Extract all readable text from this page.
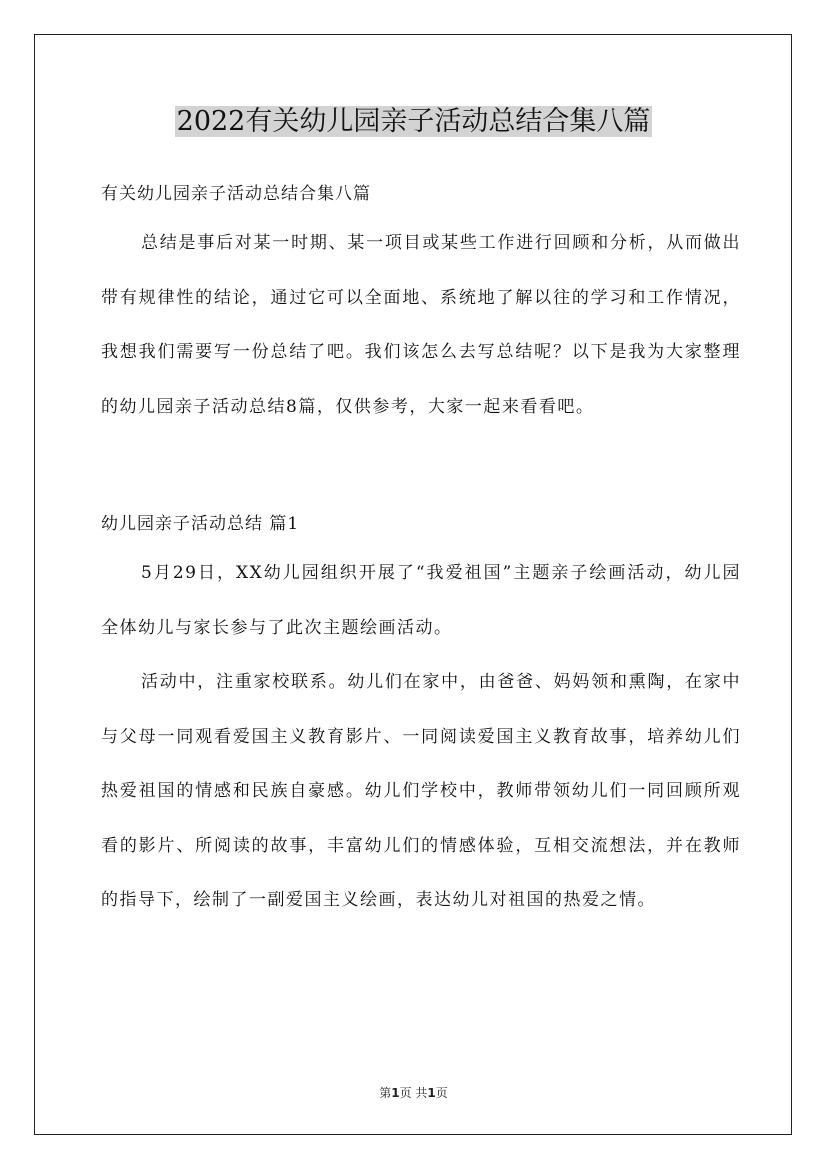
2022有关幼儿园亲子活动总结合集八篇

有关幼儿园亲子活动总结合集八篇

总结是事后对某一时期、某一项目或某些工作进行回顾和分析，从而做出带有规律性的结论，通过它可以全面地、系统地了解以往的学习和工作情况，我想我们需要写一份总结了吧。我们该怎么去写总结呢？以下是我为大家整理的幼儿园亲子活动总结8篇，仅供参考，大家一起来看看吧。

幼儿园亲子活动总结 篇1

5月29日，XX幼儿园组织开展了“我爱祖国”主题亲子绘画活动，幼儿园全体幼儿与家长参与了此次主题绘画活动。

活动中，注重家校联系。幼儿们在家中，由爸爸、妈妈领和熏陶，在家中与父母一同观看爱国主义教育影片、一同阅读爱国主义教育故事，培养幼儿们热爱祖国的情感和民族自豪感。幼儿们学校中，教师带领幼儿们一同回顾所观看的影片、所阅读的故事，丰富幼儿们的情感体验，互相交流想法，并在教师的指导下，绘制了一副爱国主义绘画，表达幼儿对祖国的热爱之情。

第1页 共1页
